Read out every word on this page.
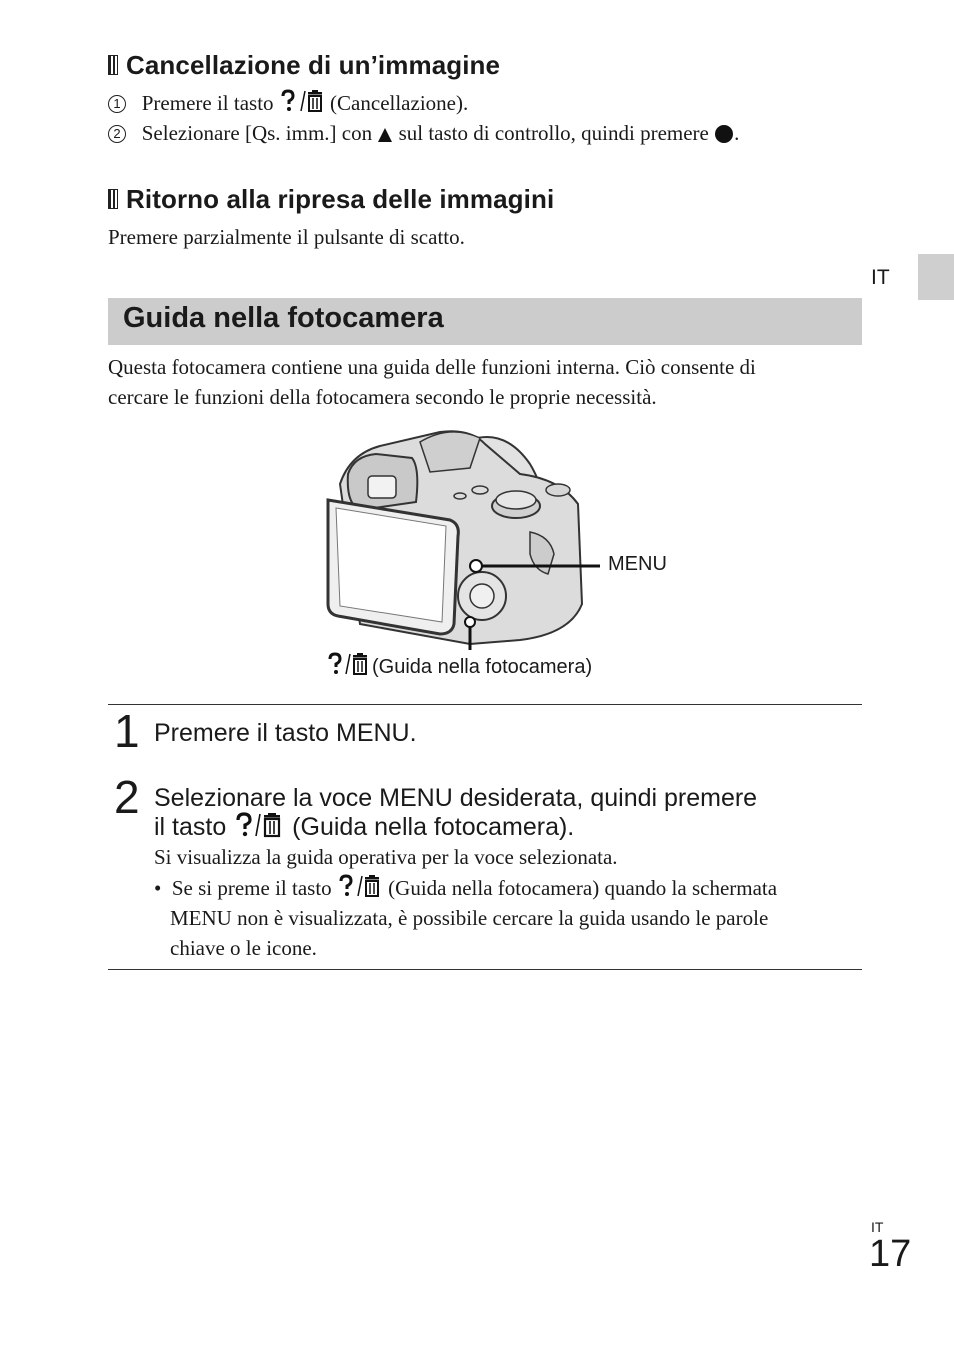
Cancellazione di un’immagine
1 Premere il tasto	(Cancellazione).
2 Selezionare [Qs. imm.] con sul tasto di controllo, quindi premere .
Ritorno alla ripresa delle immagini
Premere parzialmente il pulsante di scatto.
IT
Guida nella fotocamera
Questa fotocamera contiene una guida delle funzioni interna. Ciò consente di
cercare le funzioni della fotocamera secondo le proprie necessità.
MENU
(Guida nella fotocamera)
1 Premere il tasto MENU.
2 Selezionare la voce MENU desiderata, quindi premere
il tasto	(Guida nella fotocamera).
Si visualizza la guida operativa per la voce selezionata.
•  Se si preme il tasto	(Guida nella fotocamera) quando la schermata
MENU non è visualizzata, è possibile cercare la guida usando le parole
chiave o le icone.
IT
17
